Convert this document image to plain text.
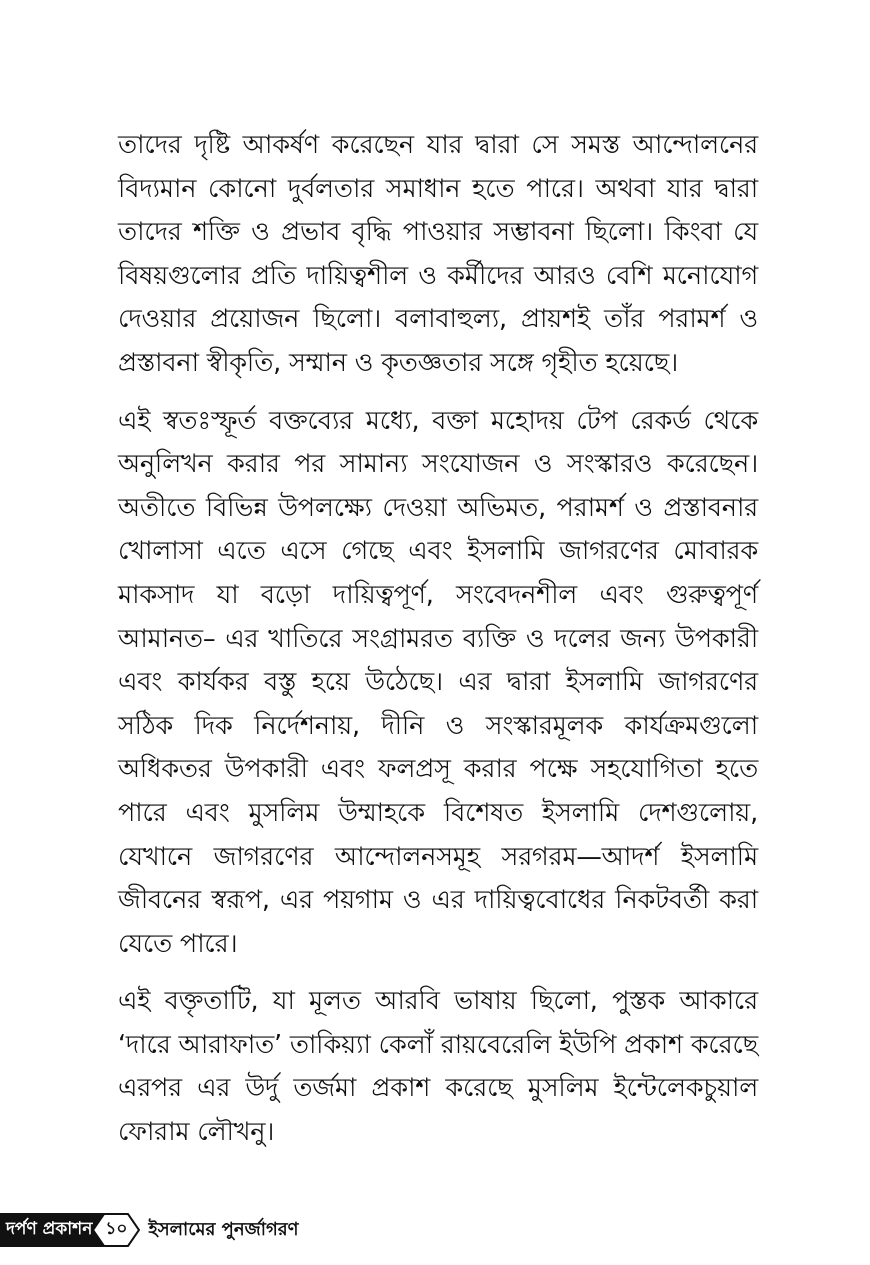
তাদের দৃষ্টি আকর্ষণ করেছেন যার দ্বারা সে সমস্ত আন্দোলনের বিদ্যমান কোনো দুর্বলতার সমাধান হতে পারে। অথবা যার দ্বারা তাদের শক্তি ও প্রভাব বৃদ্ধি পাওয়ার সম্ভাবনা ছিলো। কিংবা যে বিষয়গুলোর প্রতি দায়িত্বশীল ও কর্মীদের আরও বেশি মনোযোগ দেওয়ার প্রয়োজন ছিলো। বলাবাহুল্য, প্রায়শই তাঁর পরামর্শ ও প্রস্তাবনা স্বীকৃতি, সম্মান ও কৃতজ্ঞতার সঙ্গে গৃহীত হয়েছে।

এই স্বতঃস্ফূর্ত বক্তব্যের মধ্যে, বক্তা মহোদয় টেপ রেকর্ড থেকে অনুলিখন করার পর সামান্য সংযোজন ও সংস্কারও করেছেন। অতীতে বিভিন্ন উপলক্ষ্যে দেওয়া অভিমত, পরামর্শ ও প্রস্তাবনার খোলাসা এতে এসে গেছে এবং ইসলামি জাগরণের মোবারক মাকসাদ যা বড়ো দায়িত্বপূর্ণ, সংবেদনশীল এবং গুরুত্বপূর্ণ আমানত– এর খাতিরে সংগ্রামরত ব্যক্তি ও দলের জন্য উপকারী এবং কার্যকর বস্তু হয়ে উঠেছে। এর দ্বারা ইসলামি জাগরণের সঠিক দিক নির্দেশনায়, দীনি ও সংস্কারমূলক কার্যক্রমগুলো অধিকতর উপকারী এবং ফলপ্রসূ করার পক্ষে সহযোগিতা হতে পারে এবং মুসলিম উম্মাহকে বিশেষত ইসলামি দেশগুলোয়, যেখানে জাগরণের আন্দোলনসমূহ সরগরম—আদর্শ ইসলামি জীবনের স্বরূপ, এর পয়গাম ও এর দায়িত্ববোধের নিকটবর্তী করা যেতে পারে।

এই বক্তৃতাটি, যা মূলত আরবি ভাষায় ছিলো, পুস্তক আকারে ‘দারে আরাফাত’ তাকিয়্যা কেলাঁ রায়বেরেলি ইউপি প্রকাশ করেছে এরপর এর উর্দু তর্জমা প্রকাশ করেছে মুসলিম ইন্টেলেকচুয়াল ফোরাম লৌখনু।

দর্পণ প্রকাশন ১০ ইসলামের পুনর্জাগরণ
